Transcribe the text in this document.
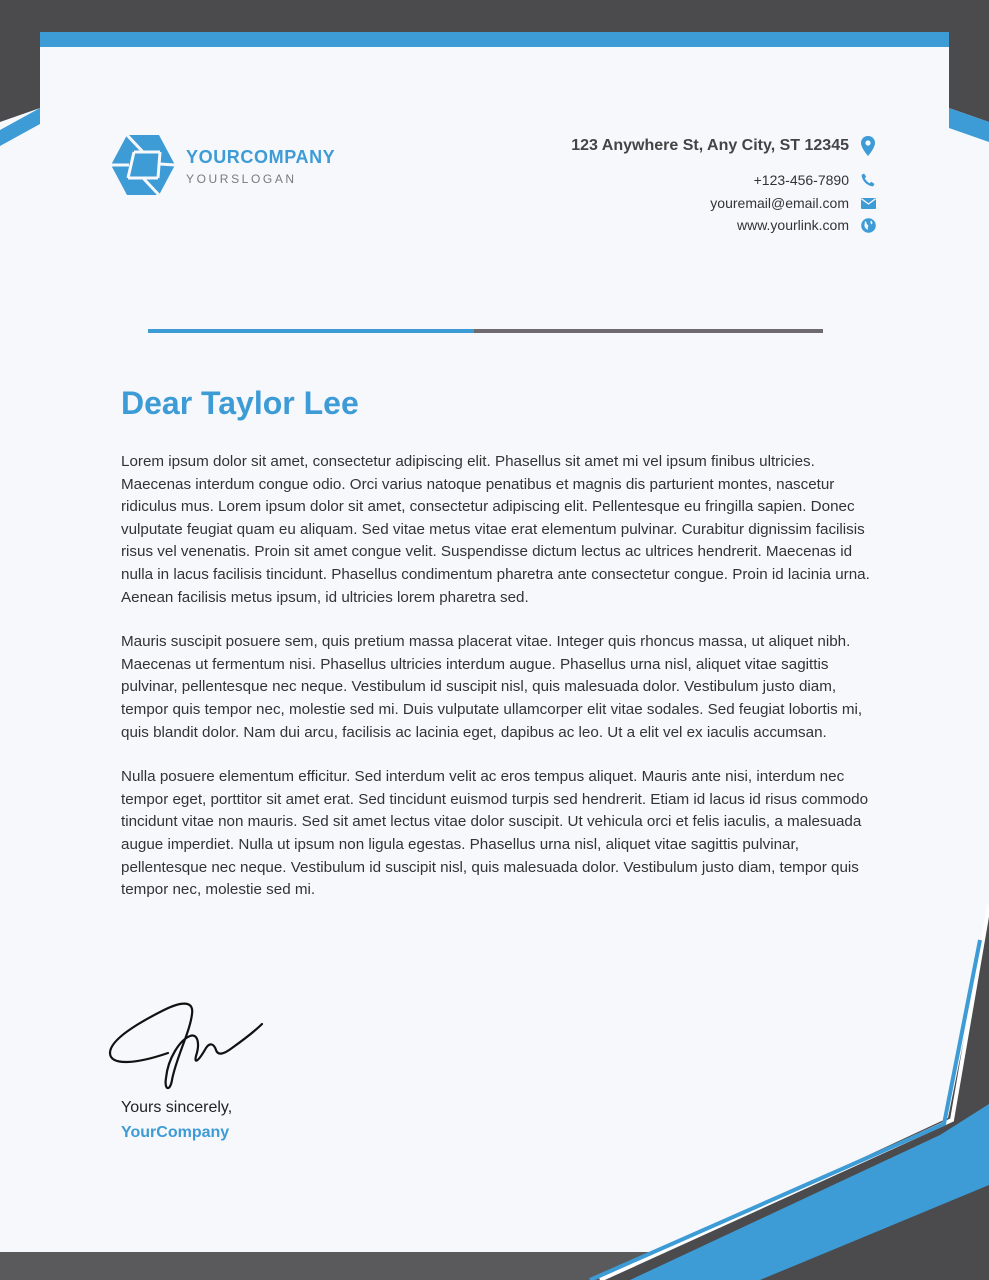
YOURCOMPANY
YOURSLOGAN
123 Anywhere St, Any City, ST 12345
+123-456-7890
youremail@email.com
www.yourlink.com
Dear Taylor Lee

Lorem ipsum dolor sit amet, consectetur adipiscing elit. Phasellus sit amet mi vel ipsum finibus ultricies. Maecenas interdum congue odio. Orci varius natoque penatibus et magnis dis parturient montes, nascetur ridiculus mus. Lorem ipsum dolor sit amet, consectetur adipiscing elit. Pellentesque eu fringilla sapien. Donec vulputate feugiat quam eu aliquam. Sed vitae metus vitae erat elementum pulvinar. Curabitur dignissim facilisis risus vel venenatis. Proin sit amet congue velit. Suspendisse dictum lectus ac ultrices hendrerit. Maecenas id nulla in lacus facilisis tincidunt. Phasellus condimentum pharetra ante consectetur congue. Proin id lacinia urna. Aenean facilisis metus ipsum, id ultricies lorem pharetra sed.

Mauris suscipit posuere sem, quis pretium massa placerat vitae. Integer quis rhoncus massa, ut aliquet nibh. Maecenas ut fermentum nisi. Phasellus ultricies interdum augue. Phasellus urna nisl, aliquet vitae sagittis pulvinar, pellentesque nec neque. Vestibulum id suscipit nisl, quis malesuada dolor. Vestibulum justo diam, tempor quis tempor nec, molestie sed mi. Duis vulputate ullamcorper elit vitae sodales. Sed feugiat lobortis mi, quis blandit dolor. Nam dui arcu, facilisis ac lacinia eget, dapibus ac leo. Ut a elit vel ex iaculis accumsan.

Nulla posuere elementum efficitur. Sed interdum velit ac eros tempus aliquet. Mauris ante nisi, interdum nec tempor eget, porttitor sit amet erat. Sed tincidunt euismod turpis sed hendrerit. Etiam id lacus id risus commodo tincidunt vitae non mauris. Sed sit amet lectus vitae dolor suscipit. Ut vehicula orci et felis iaculis, a malesuada augue imperdiet. Nulla ut ipsum non ligula egestas. Phasellus urna nisl, aliquet vitae sagittis pulvinar, pellentesque nec neque. Vestibulum id suscipit nisl, quis malesuada dolor. Vestibulum justo diam, tempor quis tempor nec, molestie sed mi.

Yours sincerely,
YourCompany
